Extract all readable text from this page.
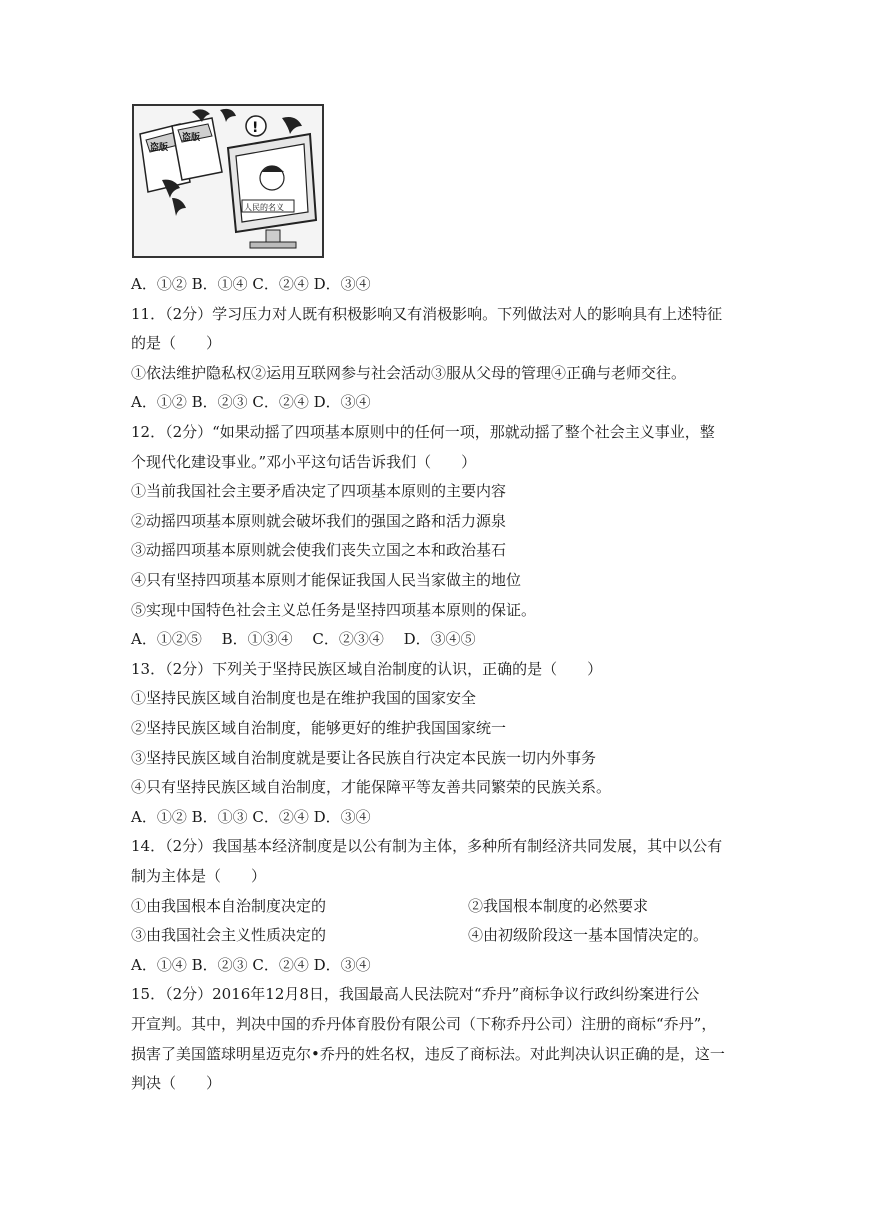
盗版
盗版
!
人民的名义
A．①② B．①④ C．②④ D．③④
11．（2分）学习压力对人既有积极影响又有消极影响。下列做法对人的影响具有上述特征
的是（　　）
①依法维护隐私权②运用互联网参与社会活动③服从父母的管理④正确与老师交往。
A．①② B．②③ C．②④ D．③④
12．（2分）“如果动摇了四项基本原则中的任何一项，那就动摇了整个社会主义事业，整
个现代化建设事业。”邓小平这句话告诉我们（　　）
①当前我国社会主要矛盾决定了四项基本原则的主要内容
②动摇四项基本原则就会破坏我们的强国之路和活力源泉
③动摇四项基本原则就会使我们丧失立国之本和政治基石
④只有坚持四项基本原则才能保证我国人民当家做主的地位
⑤实现中国特色社会主义总任务是坚持四项基本原则的保证。
A．①②⑤　 B．①③④　 C．②③④　 D．③④⑤
13．（2分）下列关于坚持民族区域自治制度的认识，正确的是（　　）
①坚持民族区域自治制度也是在维护我国的国家安全
②坚持民族区域自治制度，能够更好的维护我国国家统一
③坚持民族区域自治制度就是要让各民族自行决定本民族一切内外事务
④只有坚持民族区域自治制度，才能保障平等友善共同繁荣的民族关系。
A．①② B．①③ C．②④ D．③④
14．（2分）我国基本经济制度是以公有制为主体，多种所有制经济共同发展，其中以公有
制为主体是（　　）
①由我国根本自治制度决定的	②我国根本制度的必然要求
③由我国社会主义性质决定的	④由初级阶段这一基本国情决定的。
A．①④ B．②③ C．②④ D．③④
15．（2分）2016年12月8日，我国最高人民法院对“乔丹”商标争议行政纠纷案进行公
开宣判。其中，判决中国的乔丹体育股份有限公司（下称乔丹公司）注册的商标“乔丹”，
损害了美国篮球明星迈克尔•乔丹的姓名权，违反了商标法。对此判决认识正确的是，这一
判决（　　）
